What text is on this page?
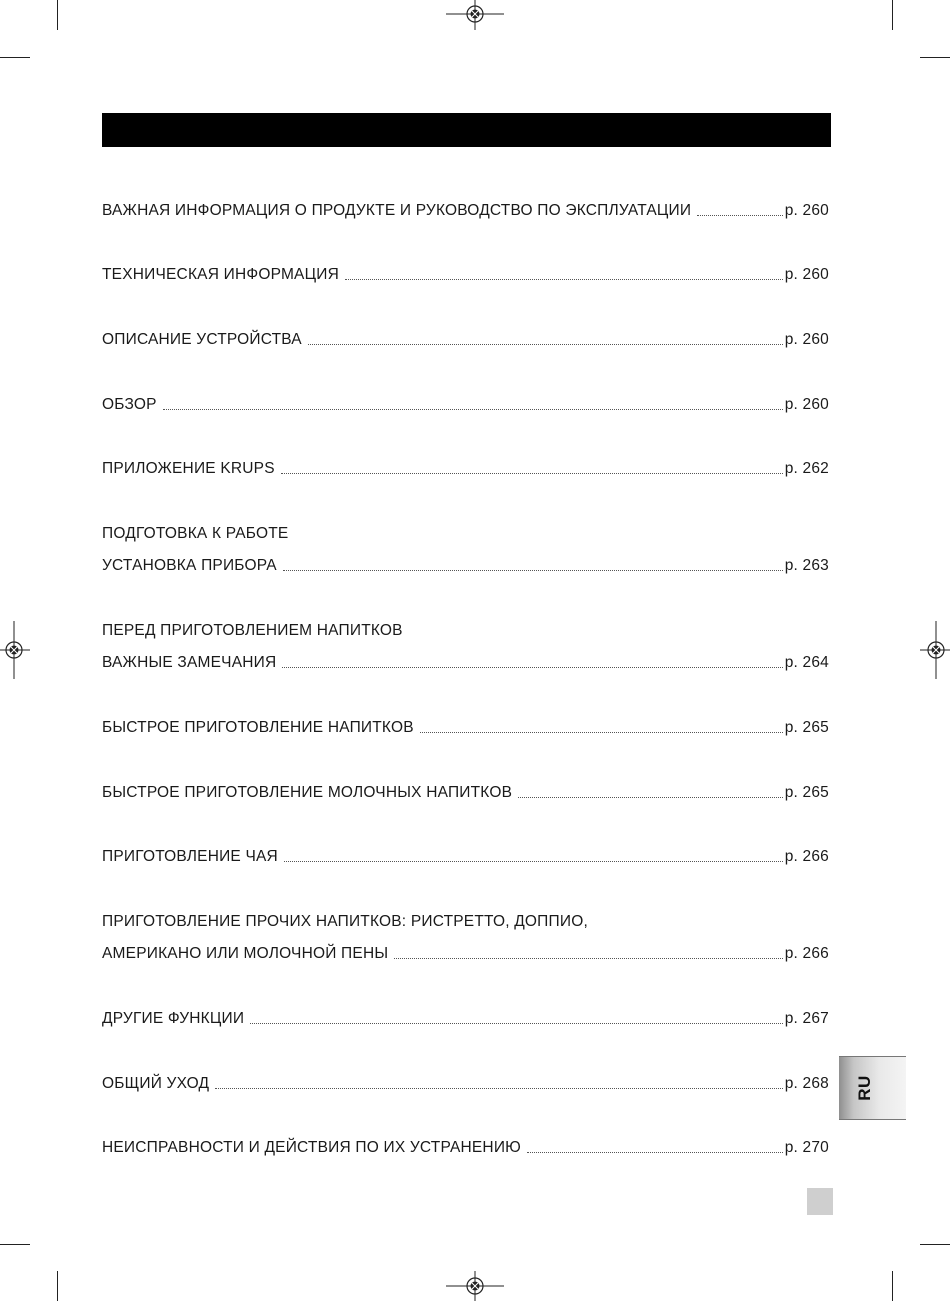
ВАЖНАЯ ИНФОРМАЦИЯ О ПРОДУКТЕ И РУКОВОДСТВО ПО ЭКСПЛУАТАЦИИ	р. 260
ТЕХНИЧЕСКАЯ ИНФОРМАЦИЯ	р. 260
ОПИСАНИЕ УСТРОЙСТВА	р. 260
ОБЗОР	р. 260
ПРИЛОЖЕНИЕ KRUPS	р. 262
ПОДГОТОВКА К РАБОТЕ
УСТАНОВКА ПРИБОРА	р. 263
ПЕРЕД ПРИГОТОВЛЕНИЕМ НАПИТКОВ
ВАЖНЫЕ ЗАМЕЧАНИЯ	р. 264
БЫСТРОЕ ПРИГОТОВЛЕНИЕ НАПИТКОВ	р. 265
БЫСТРОЕ ПРИГОТОВЛЕНИЕ МОЛОЧНЫХ НАПИТКОВ	р. 265
ПРИГОТОВЛЕНИЕ ЧАЯ	р. 266
ПРИГОТОВЛЕНИЕ ПРОЧИХ НАПИТКОВ: РИСТРЕТТО, ДОППИО,
АМЕРИКАНО ИЛИ МОЛОЧНОЙ ПЕНЫ	р. 266
ДРУГИЕ ФУНКЦИИ	р. 267
ОБЩИЙ УХОД	р. 268
НЕИСПРАВНОСТИ И ДЕЙСТВИЯ ПО ИХ УСТРАНЕНИЮ	р. 270
RU
